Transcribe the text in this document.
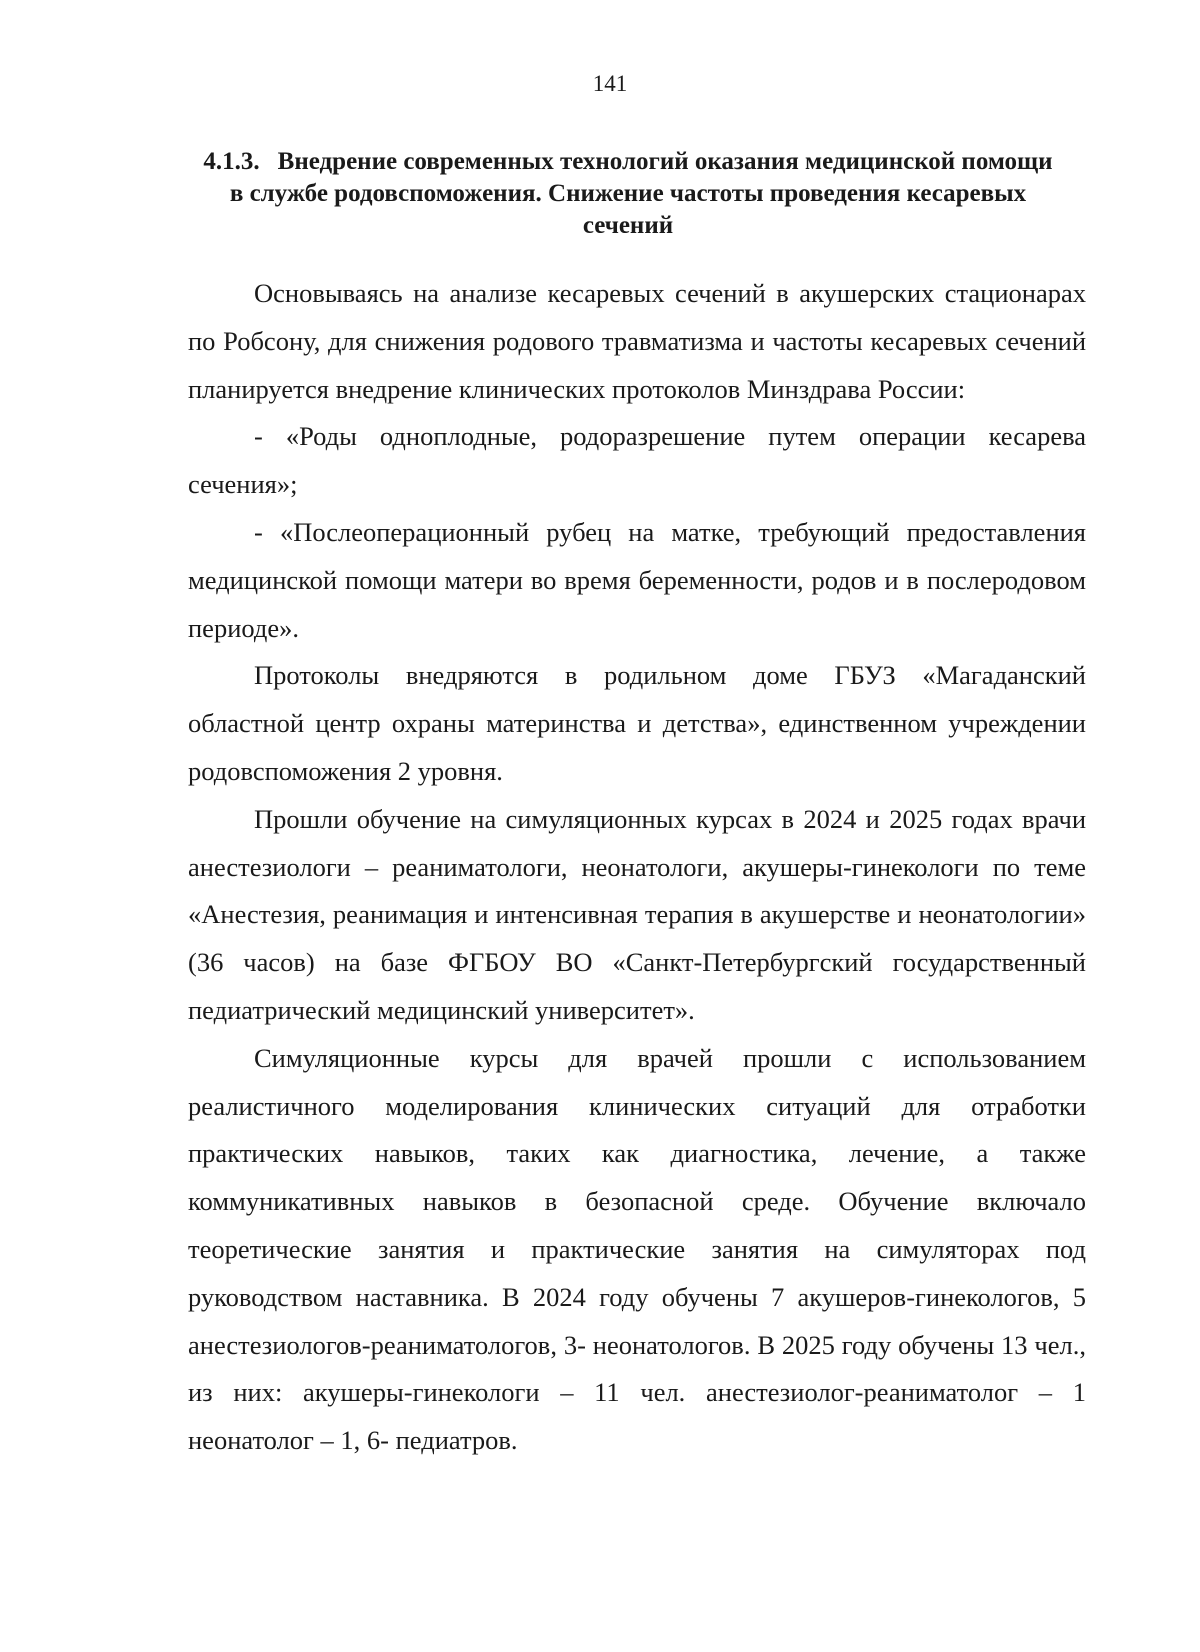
141
4.1.3. Внедрение современных технологий оказания медицинской помощи в службе родовспоможения. Снижение частоты проведения кесаревых сечений

Основываясь на анализе кесаревых сечений в акушерских стационарах по Робсону, для снижения родового травматизма и частоты кесаревых сечений планируется внедрение клинических протоколов Минздрава России:

- «Роды одноплодные, родоразрешение путем операции кесарева сечения»;

- «Послеоперационный рубец на матке, требующий предоставления медицинской помощи матери во время беременности, родов и в послеродовом периоде».

Протоколы внедряются в родильном доме ГБУЗ «Магаданский областной центр охраны материнства и детства», единственном учреждении родовспоможения 2 уровня.

Прошли обучение на симуляционных курсах в 2024 и 2025 годах врачи анестезиологи – реаниматологи, неонатологи, акушеры-гинекологи по теме «Анестезия, реанимация и интенсивная терапия в акушерстве и неонатологии» (36 часов) на базе ФГБОУ ВО «Санкт-Петербургский государственный педиатрический медицинский университет».

Симуляционные курсы для врачей прошли с использованием реалистичного моделирования клинических ситуаций для отработки практических навыков, таких как диагностика, лечение, а также коммуникативных навыков в безопасной среде. Обучение включало теоретические занятия и практические занятия на симуляторах под руководством наставника. В 2024 году обучены 7 акушеров-гинекологов, 5 анестезиологов-реаниматологов, 3- неонатологов. В 2025 году обучены 13 чел., из них: акушеры-гинекологи – 11 чел. анестезиолог-реаниматолог – 1 неонатолог – 1, 6- педиатров.
